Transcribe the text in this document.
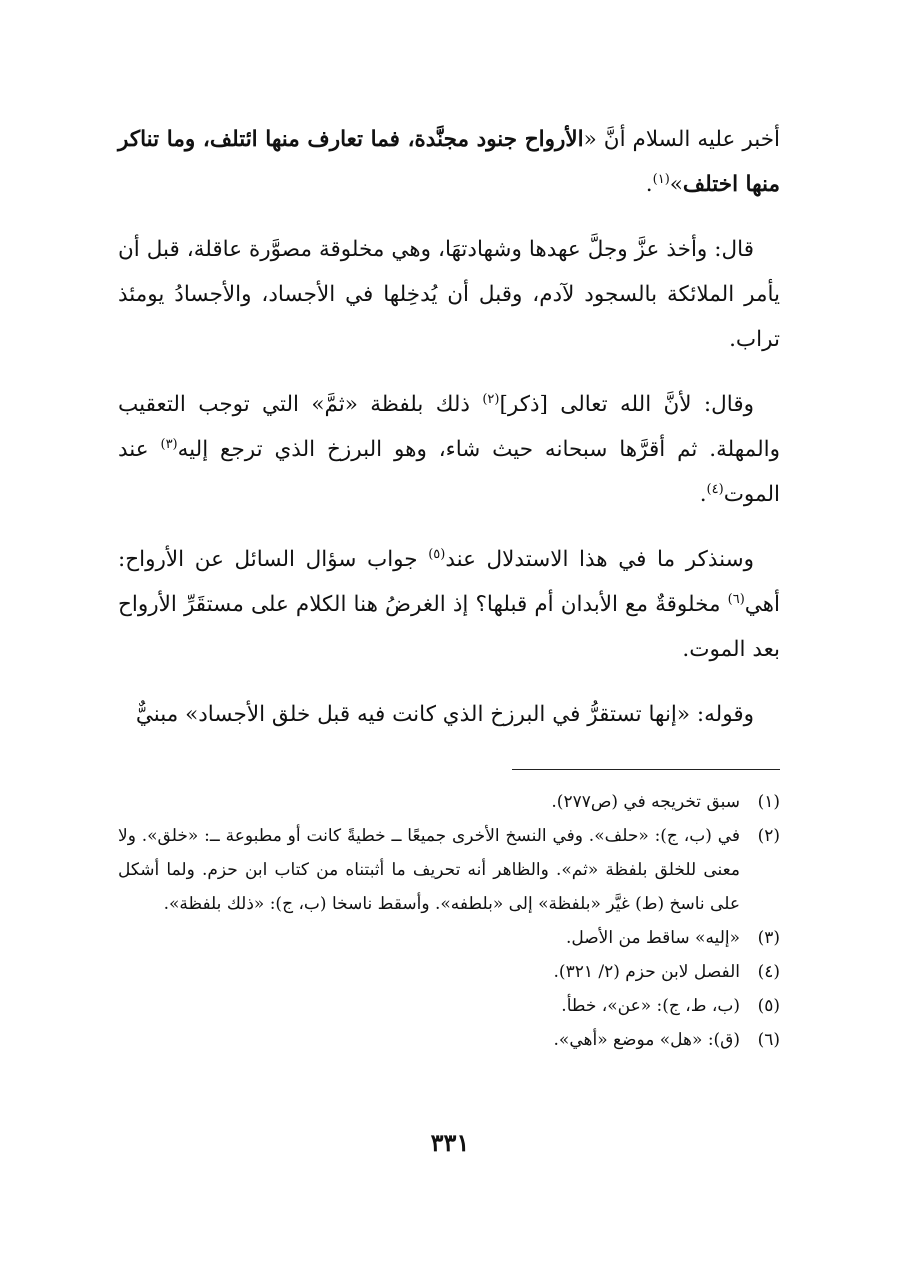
أخبر عليه السلام أنَّ «الأرواح جنود مجنَّدة، فما تعارف منها ائتلف، وما تناكر منها اختلف»$^{(١)}$.

قال: وأخذ عزَّ وجلَّ عهدها وشهادتهَا، وهي مخلوقة مصوَّرة عاقلة، قبل أن يأمر الملائكة بالسجود لآدم، وقبل أن يُدخِلها في الأجساد، والأجسادُ يومئذ تراب.

وقال: لأنَّ الله تعالى [ذكر]$^{(٢)}$ ذلك بلفظة «ثمَّ» التي توجب التعقيب والمهلة. ثم أقرَّها سبحانه حيث شاء، وهو البرزخ الذي ترجع إليه$^{(٣)}$ عند الموت$^{(٤)}$.

وسنذكر ما في هذا الاستدلال عند$^{(٥)}$ جواب سؤال السائل عن الأرواح: أهي$^{(٦)}$ مخلوقةٌ مع الأبدان أم قبلها؟ إذ الغرضُ هنا الكلام على مستقَرِّ الأرواح بعد الموت.

وقوله: «إنها تستقرُّ في البرزخ الذي كانت فيه قبل خلق الأجساد» مبنيٌّ

(١)
سبق تخريجه في (ص٢٧٧).
(٢)
في (ب، ج): «حلف». وفي النسخ الأخرى جميعًا ــ خطيةً كانت أو مطبوعة ــ: «خلق». ولا معنى للخلق بلفظة «ثم». والظاهر أنه تحريف ما أثبتناه من كتاب ابن حزم. ولما أشكل على ناسخ (ط) غيَّر «بلفظة» إلى «بلطفه». وأسقط ناسخا (ب، ج): «ذلك بلفظة».
(٣)
«إليه» ساقط من الأصل.
(٤)
الفصل لابن حزم (٢/ ٣٢١).
(٥)
(ب، ط، ج): «عن»، خطأ.
(٦)
(ق): «هل» موضع «أهي».
٣٣١
